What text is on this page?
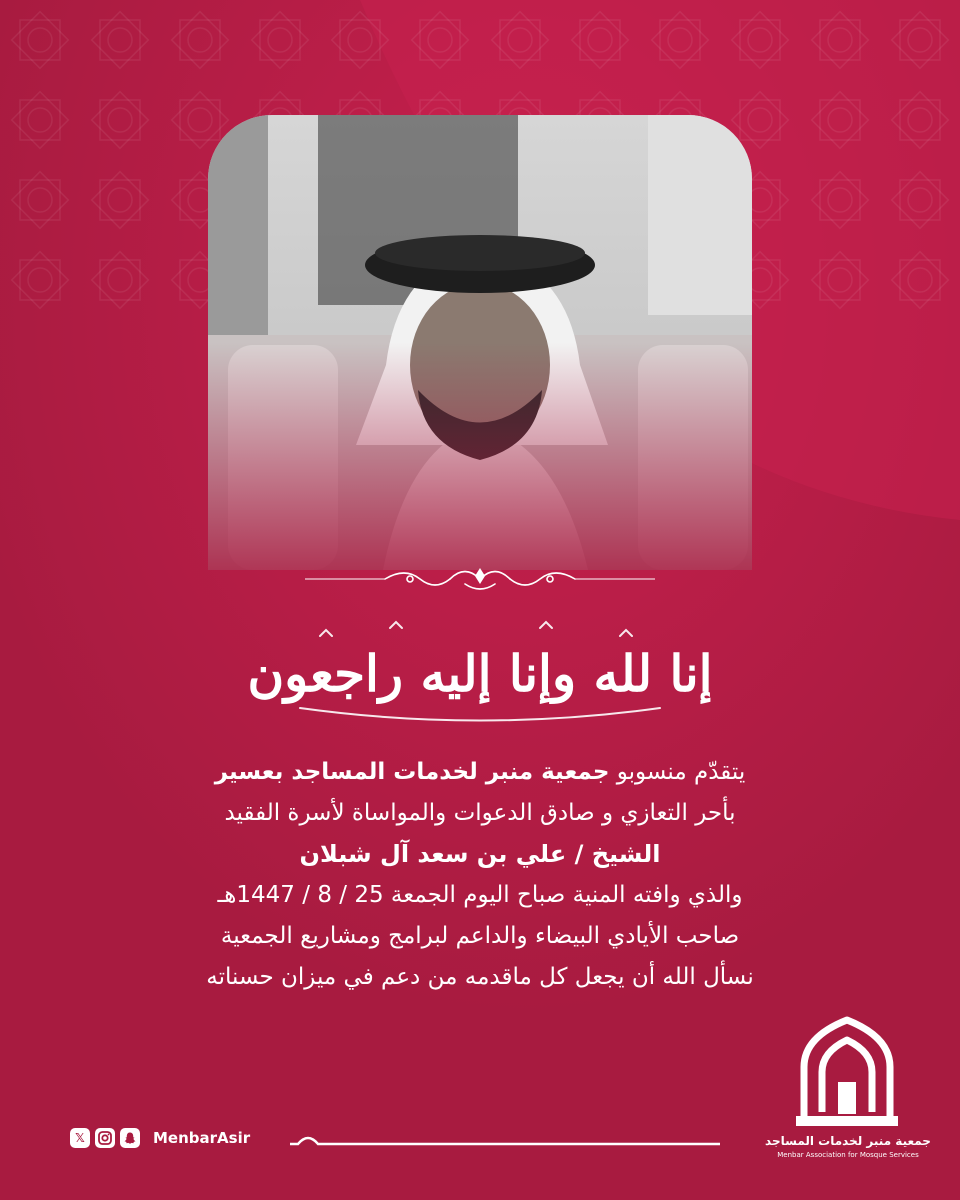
إنا لله وإنا إليه راجعون
يتقدّم منسوبو جمعية منبر لخدمات المساجد بعسير
بأحر التعازي و صادق الدعوات والمواساة لأسرة الفقيد
الشيخ / علي بن سعد آل شبلان
والذي وافته المنية صباح اليوم الجمعة 25 / 8 / 1447هـ
صاحب الأيادي البيضاء والداعم لبرامج ومشاريع الجمعية
نسأل الله أن يجعل كل ماقدمه من دعم في ميزان حسناته
𝕏	MenbarAsir	جمعية منبر لخدمات المساجد
Menbar Association for Mosque Services
